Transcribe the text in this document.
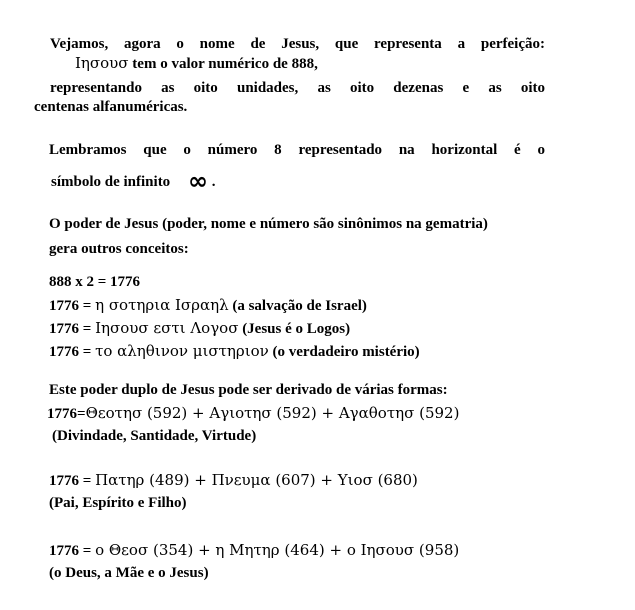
Vejamos, agora o nome de Jesus, que representa a perfeição:
Ιησουσ tem o valor numérico de 888,
representando as oito unidades, as oito dezenas e as oito
centenas alfanuméricas.
Lembramos que o número 8 representado na horizontal é o
símbolo de infinito ∞ .
O poder de Jesus (poder, nome e número são sinônimos na gematria)
gera outros conceitos:
888 x 2 = 1776
1776 = η σοτηρια Ισραηλ (a salvação de Israel)
1776 = Ιησουσ εστι Λογοσ (Jesus é o Logos)
1776 = το αληθινον μιστηριον (o verdadeiro mistério)
Este poder duplo de Jesus pode ser derivado de várias formas:
1776=Θεοτησ (592) + Αγιοτησ (592) + Αγαθοτησ (592)
(Divindade, Santidade, Virtude)
1776 = Πατηρ (489) + Πνευμα (607) + Υιοσ (680)
(Pai, Espírito e Filho)
1776 = ο Θεοσ (354) + η Μητηρ (464) + ο Ιησουσ (958)
(o Deus, a Mãe e o Jesus)
